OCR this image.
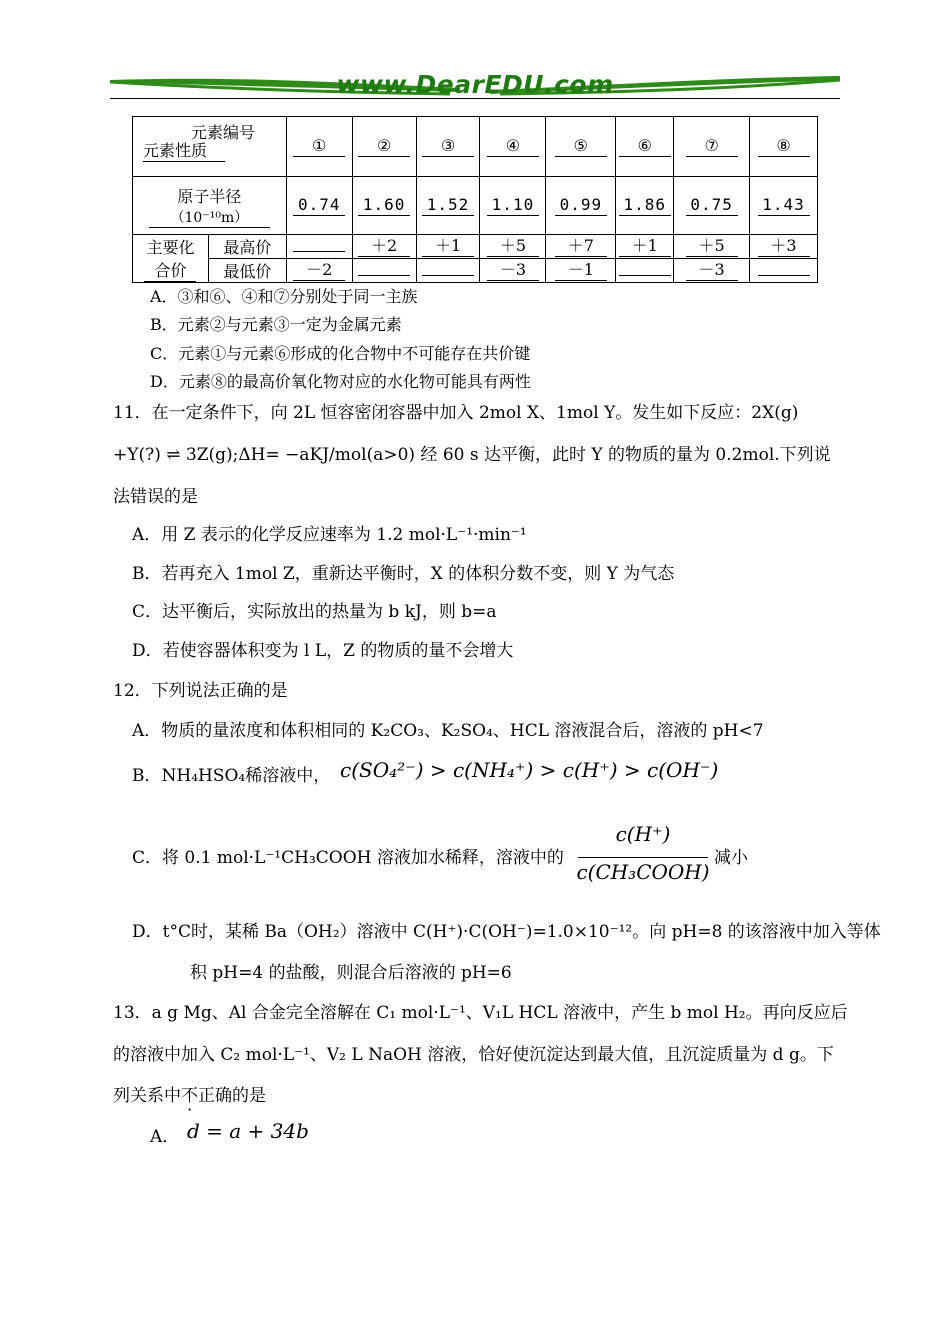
www.DearEDU.com
元素编号
元素性质		①	②	③	④	⑤	⑥	⑦	⑧

原子半径
（10⁻¹⁰m）		0.74	1.60	1.52	1.10	0.99	1.86	0.75	1.43

主要化
合价	最高价		＋2	＋1	＋5	＋7	＋1	＋5	＋3
	最低价	－2			－3	－1		－3	
A．③和⑥、④和⑦分别处于同一主族
B．元素②与元素③一定为金属元素
C．元素①与元素⑥形成的化合物中不可能存在共价键
D．元素⑧的最高价氧化物对应的水化物可能具有两性
11．在一定条件下，向 2L 恒容密闭容器中加入 2mol X、1mol Y。发生如下反应：2X(g)
+Y(?) ⇌ 3Z(g);ΔH= −aKJ/mol(a>0) 经 60 s 达平衡，此时 Y 的物质的量为 0.2mol.下列说
法错误的是
A．用 Z 表示的化学反应速率为 1.2 mol·L⁻¹·min⁻¹
B．若再充入 1mol Z，重新达平衡时，X 的体积分数不变，则 Y 为气态
C．达平衡后，实际放出的热量为 b kJ，则 b=a
D．若使容器体积变为 l L，Z 的物质的量不会增大
12．下列说法正确的是
A．物质的量浓度和体积相同的 K₂CO₃、K₂SO₄、HCL 溶液混合后，溶液的 pH<7
B．NH₄HSO₄稀溶液中， c(SO₄²⁻) > c(NH₄⁺) > c(H⁺) > c(OH⁻)
C．将 0.1 mol·L⁻¹CH₃COOH 溶液加水稀释，溶液中的
c(H⁺)
c(CH₃COOH)
减小
D．t°C时，某稀 Ba（OH₂）溶液中 C(H⁺)·C(OH⁻)=1.0×10⁻¹²。向 pH=8 的该溶液中加入等体
积 pH=4 的盐酸，则混合后溶液的 pH=6
13．a g Mg、Al 合金完全溶解在 C₁ mol·L⁻¹、V₁L HCL 溶液中，产生 b mol H₂。再向反应后
的溶液中加入 C₂ mol·L⁻¹、V₂ L NaOH 溶液，恰好使沉淀达到最大值，且沉淀质量为 d g。下
列关系中不正确的是
A． d = a + 34b
